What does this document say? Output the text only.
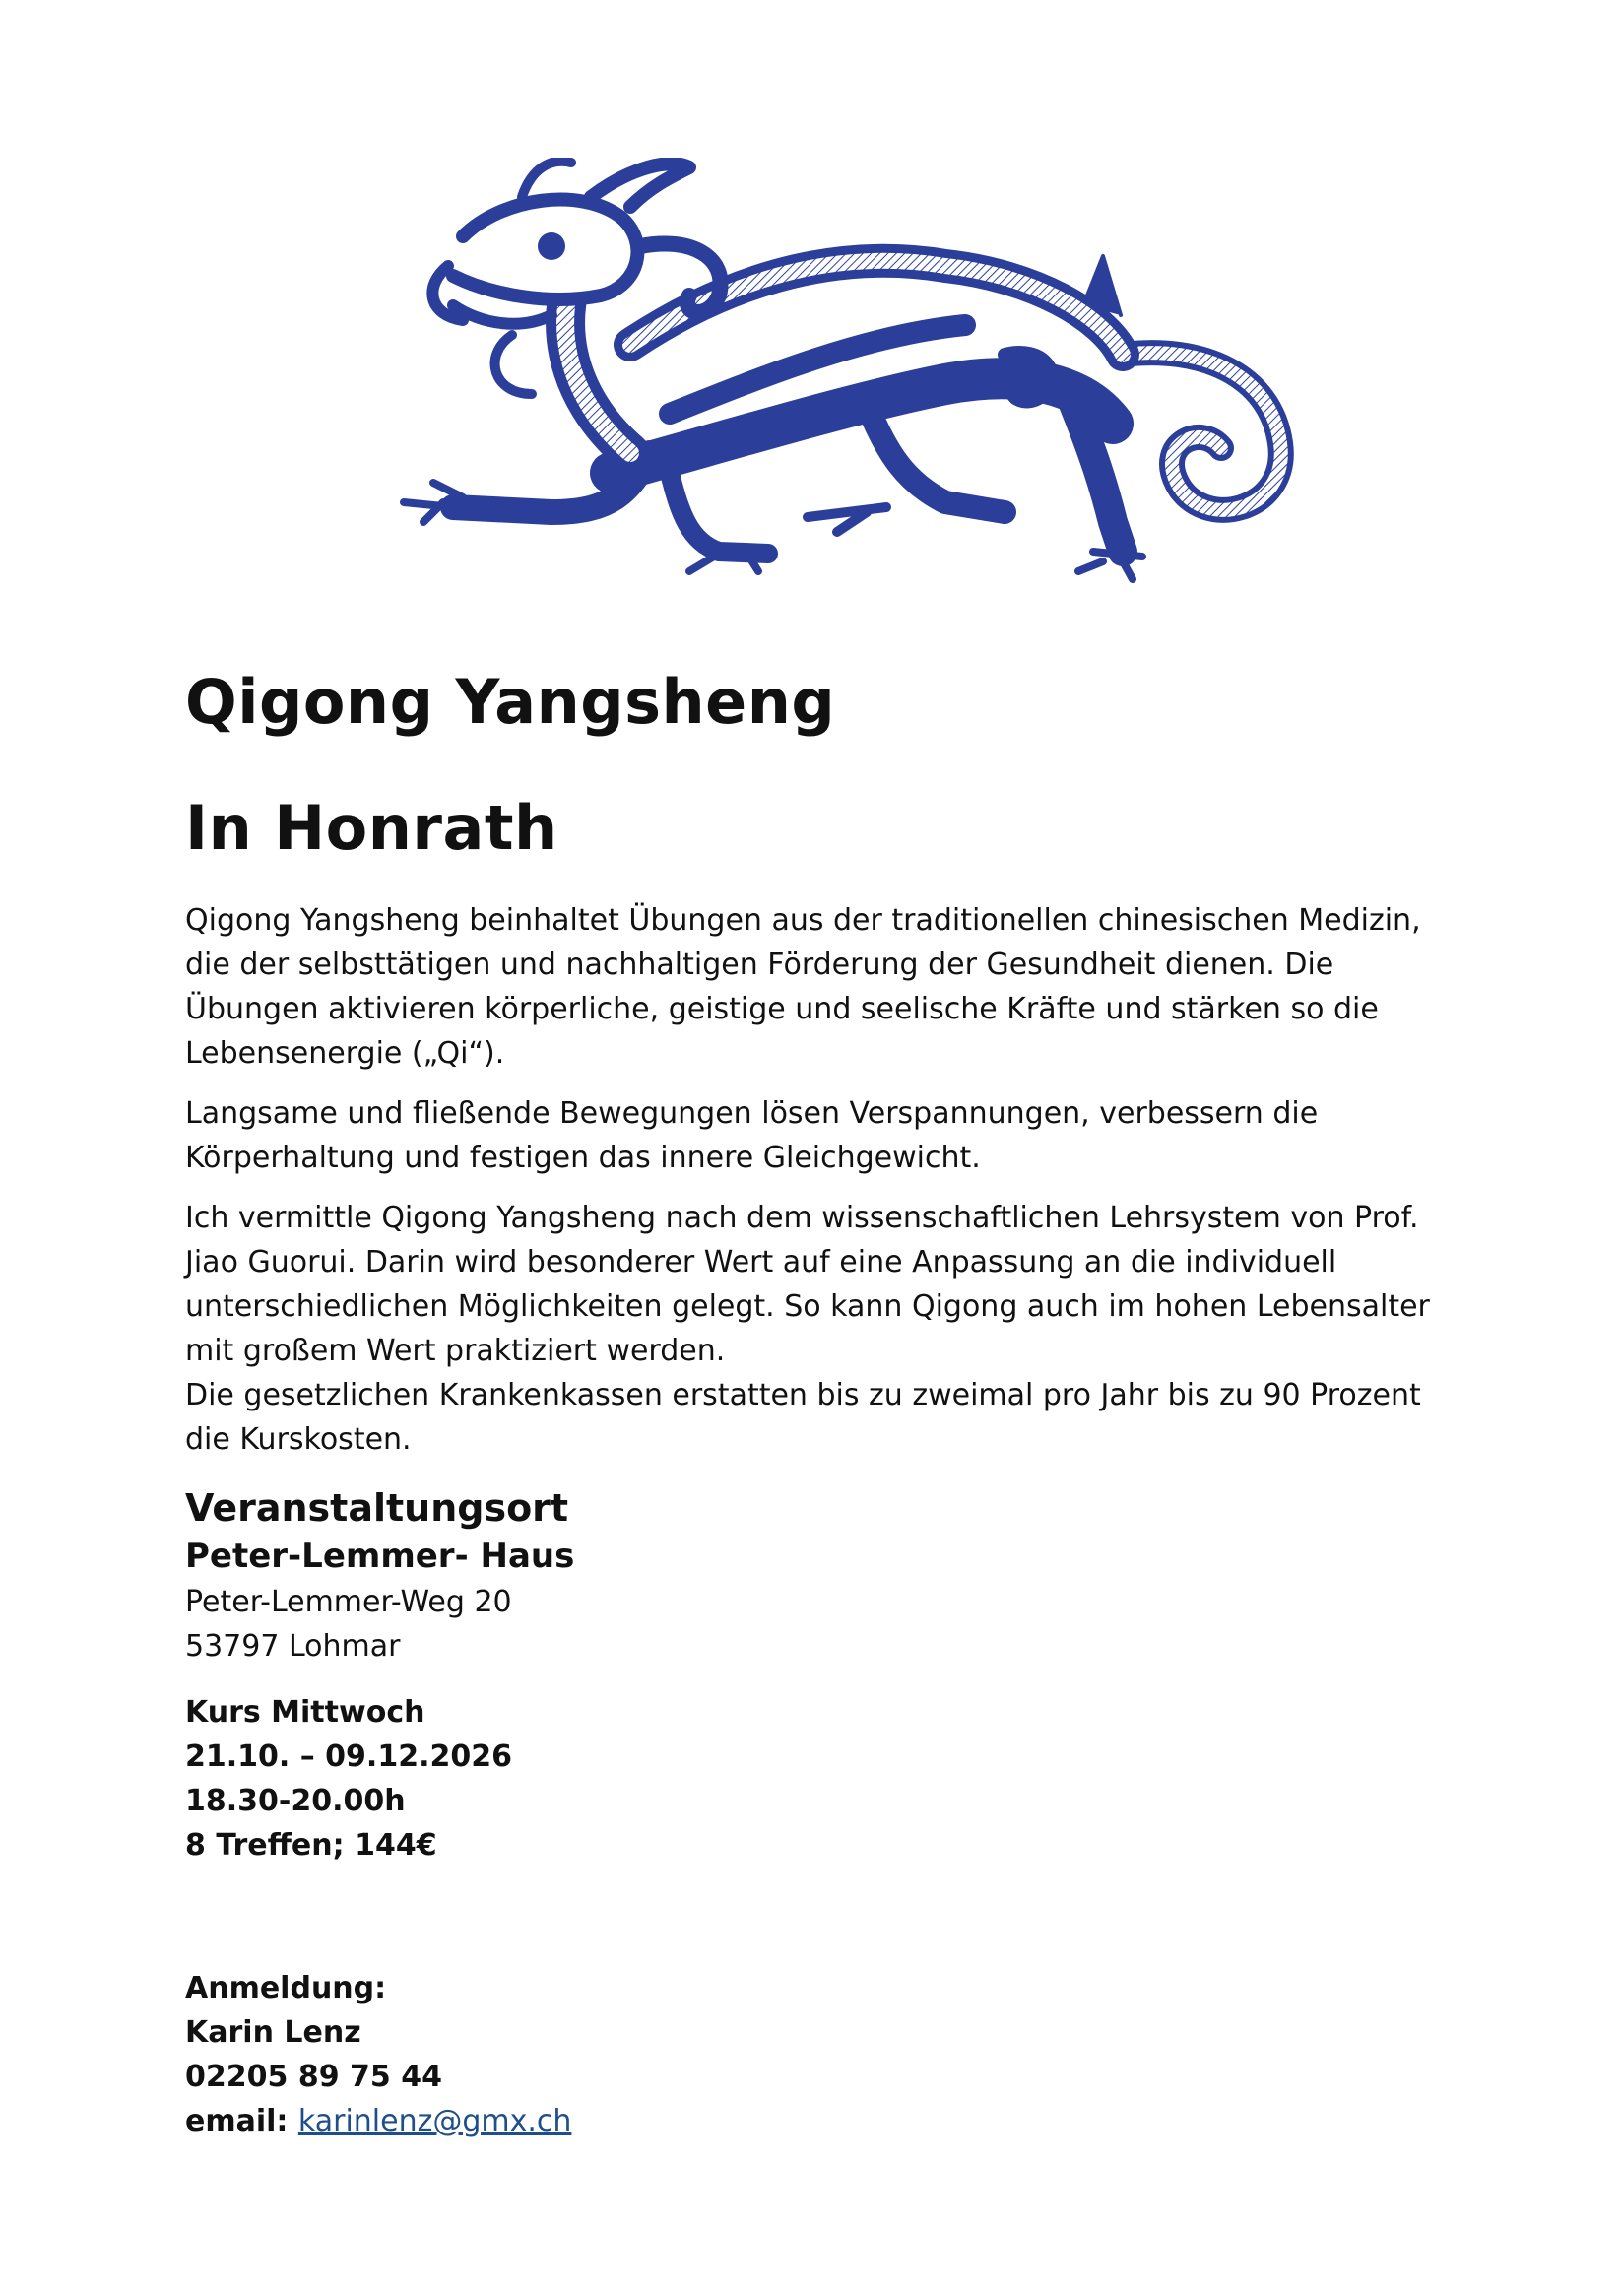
Qigong Yangsheng
In Honrath

Qigong Yangsheng beinhaltet Übungen aus der traditionellen chinesischen Medizin, die der selbsttätigen und nachhaltigen Förderung der Gesundheit dienen. Die Übungen aktivieren körperliche, geistige und seelische Kräfte und stärken so die Lebensenergie („Qi“).

Langsame und fließende Bewegungen lösen Verspannungen, verbessern die Körperhaltung und festigen das innere Gleichgewicht.

Ich vermittle Qigong Yangsheng nach dem wissenschaftlichen Lehrsystem von Prof. Jiao Guorui. Darin wird besonderer Wert auf eine Anpassung an die individuell unterschiedlichen Möglichkeiten gelegt. So kann Qigong auch im hohen Lebensalter mit großem Wert praktiziert werden.

Die gesetzlichen Krankenkassen erstatten bis zu zweimal pro Jahr bis zu 90 Prozent die Kurskosten.

Veranstaltungsort
Peter-Lemmer- Haus
Peter-Lemmer-Weg 20
53797 Lohmar
Kurs Mittwoch
21.10. – 09.12.2026
18.30-20.00h
8 Treffen; 144€
Anmeldung:
Karin Lenz
02205 89 75 44
email: karinlenz@gmx.ch
